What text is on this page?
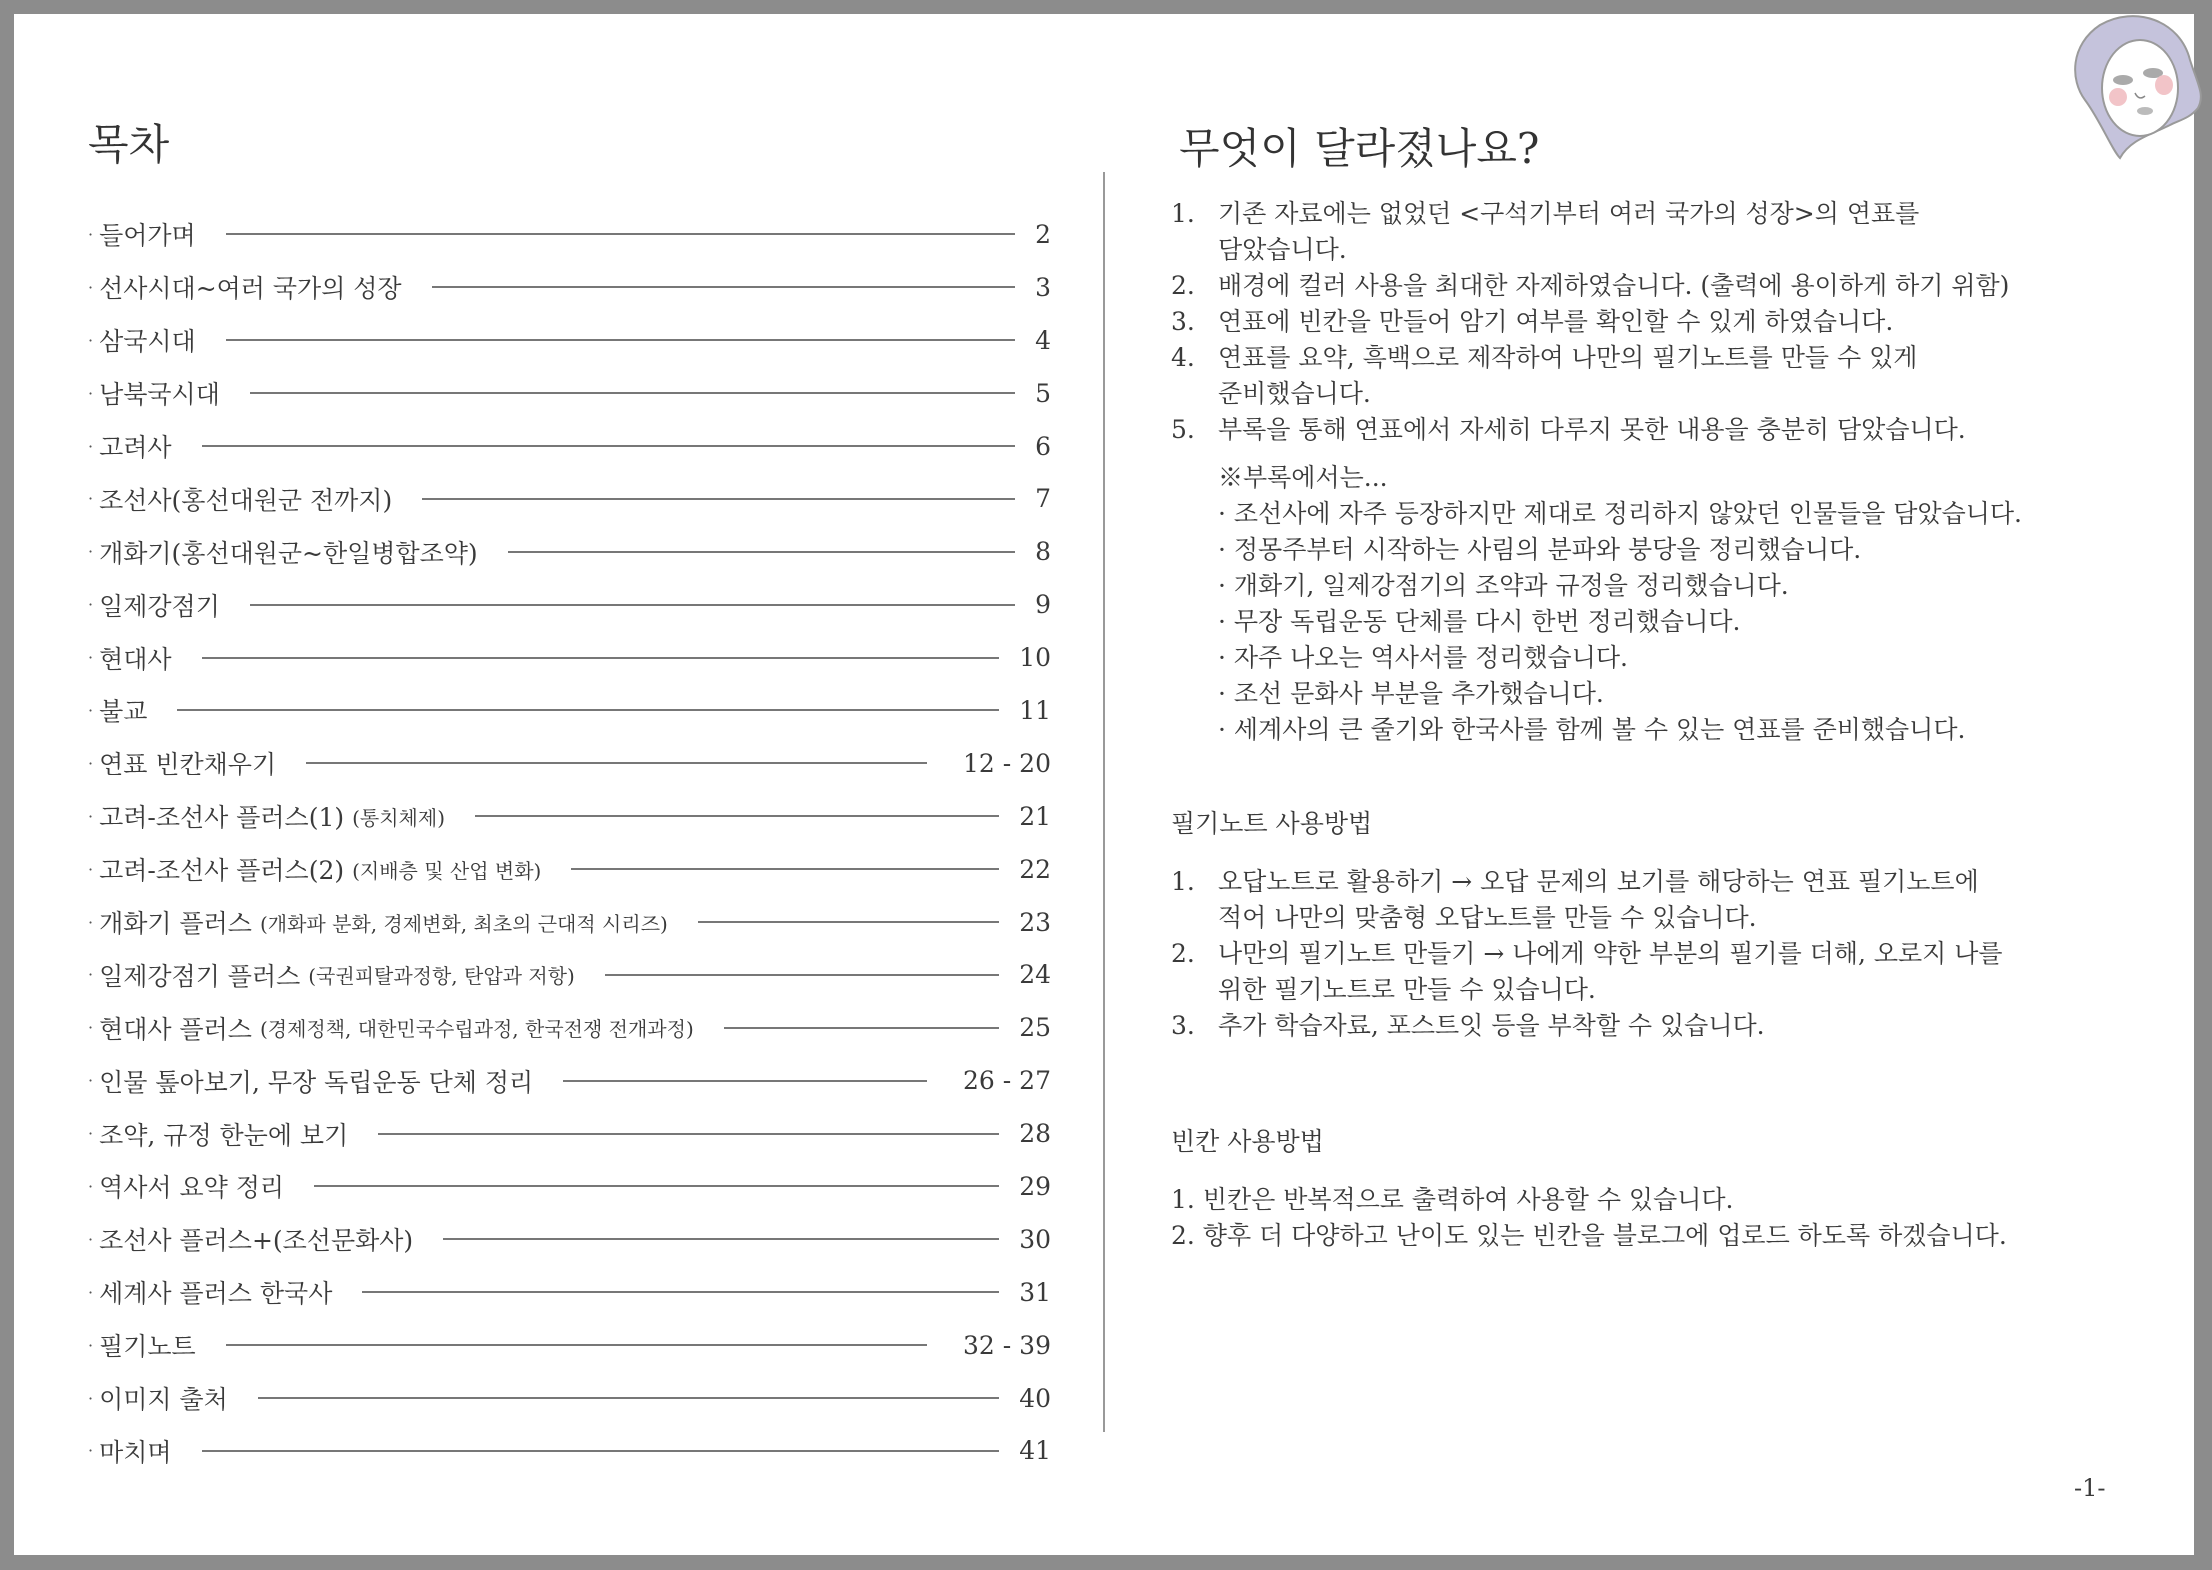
목차
· 들어가며	2
· 선사시대~여러 국가의 성장	3
· 삼국시대	4
· 남북국시대	5
· 고려사	6
· 조선사(홍선대원군 전까지)	7
· 개화기(홍선대원군~한일병합조약)	8
· 일제강점기	9
· 현대사	10
· 불교	11
· 연표 빈칸채우기	12 - 20
· 고려-조선사 플러스(1) (통치체제)	21
· 고려-조선사 플러스(2) (지배층 및 산업 변화)	22
· 개화기 플러스 (개화파 분화, 경제변화, 최초의 근대적 시리즈)	23
· 일제강점기 플러스 (국권피탈과정항, 탄압과 저항)	24
· 현대사 플러스 (경제정책, 대한민국수립과정, 한국전쟁 전개과정)	25
· 인물 톺아보기, 무장 독립운동 단체 정리	26 - 27
· 조약, 규정 한눈에 보기	28
· 역사서 요약 정리	29
· 조선사 플러스+(조선문화사)	30
· 세계사 플러스 한국사	31
· 필기노트	32 - 39
· 이미지 출처	40
· 마치며	41
무엇이 달라졌나요?
1. 기존 자료에는 없었던 <구석기부터 여러 국가의 성장>의 연표를
담았습니다.
2. 배경에 컬러 사용을 최대한 자제하였습니다. (출력에 용이하게 하기 위함)
3. 연표에 빈칸을 만들어 암기 여부를 확인할 수 있게 하였습니다.
4. 연표를 요약, 흑백으로 제작하여 나만의 필기노트를 만들 수 있게
준비했습니다.
5. 부록을 통해 연표에서 자세히 다루지 못한 내용을 충분히 담았습니다.
※부록에서는...
· 조선사에 자주 등장하지만 제대로 정리하지 않았던 인물들을 담았습니다.
· 정몽주부터 시작하는 사림의 분파와 붕당을 정리했습니다.
· 개화기, 일제강점기의 조약과 규정을 정리했습니다.
· 무장 독립운동 단체를 다시 한번 정리했습니다.
· 자주 나오는 역사서를 정리했습니다.
· 조선 문화사 부분을 추가했습니다.
· 세계사의 큰 줄기와 한국사를 함께 볼 수 있는 연표를 준비했습니다.
필기노트 사용방법
1. 오답노트로 활용하기 → 오답 문제의 보기를 해당하는 연표 필기노트에
적어 나만의 맞춤형 오답노트를 만들 수 있습니다.
2. 나만의 필기노트 만들기 → 나에게 약한 부분의 필기를 더해, 오로지 나를
위한 필기노트로 만들 수 있습니다.
3. 추가 학습자료, 포스트잇 등을 부착할 수 있습니다.
빈칸 사용방법
1. 빈칸은 반복적으로 출력하여 사용할 수 있습니다.
2. 향후 더 다양하고 난이도 있는 빈칸을 블로그에 업로드 하도록 하겠습니다.
-1-
